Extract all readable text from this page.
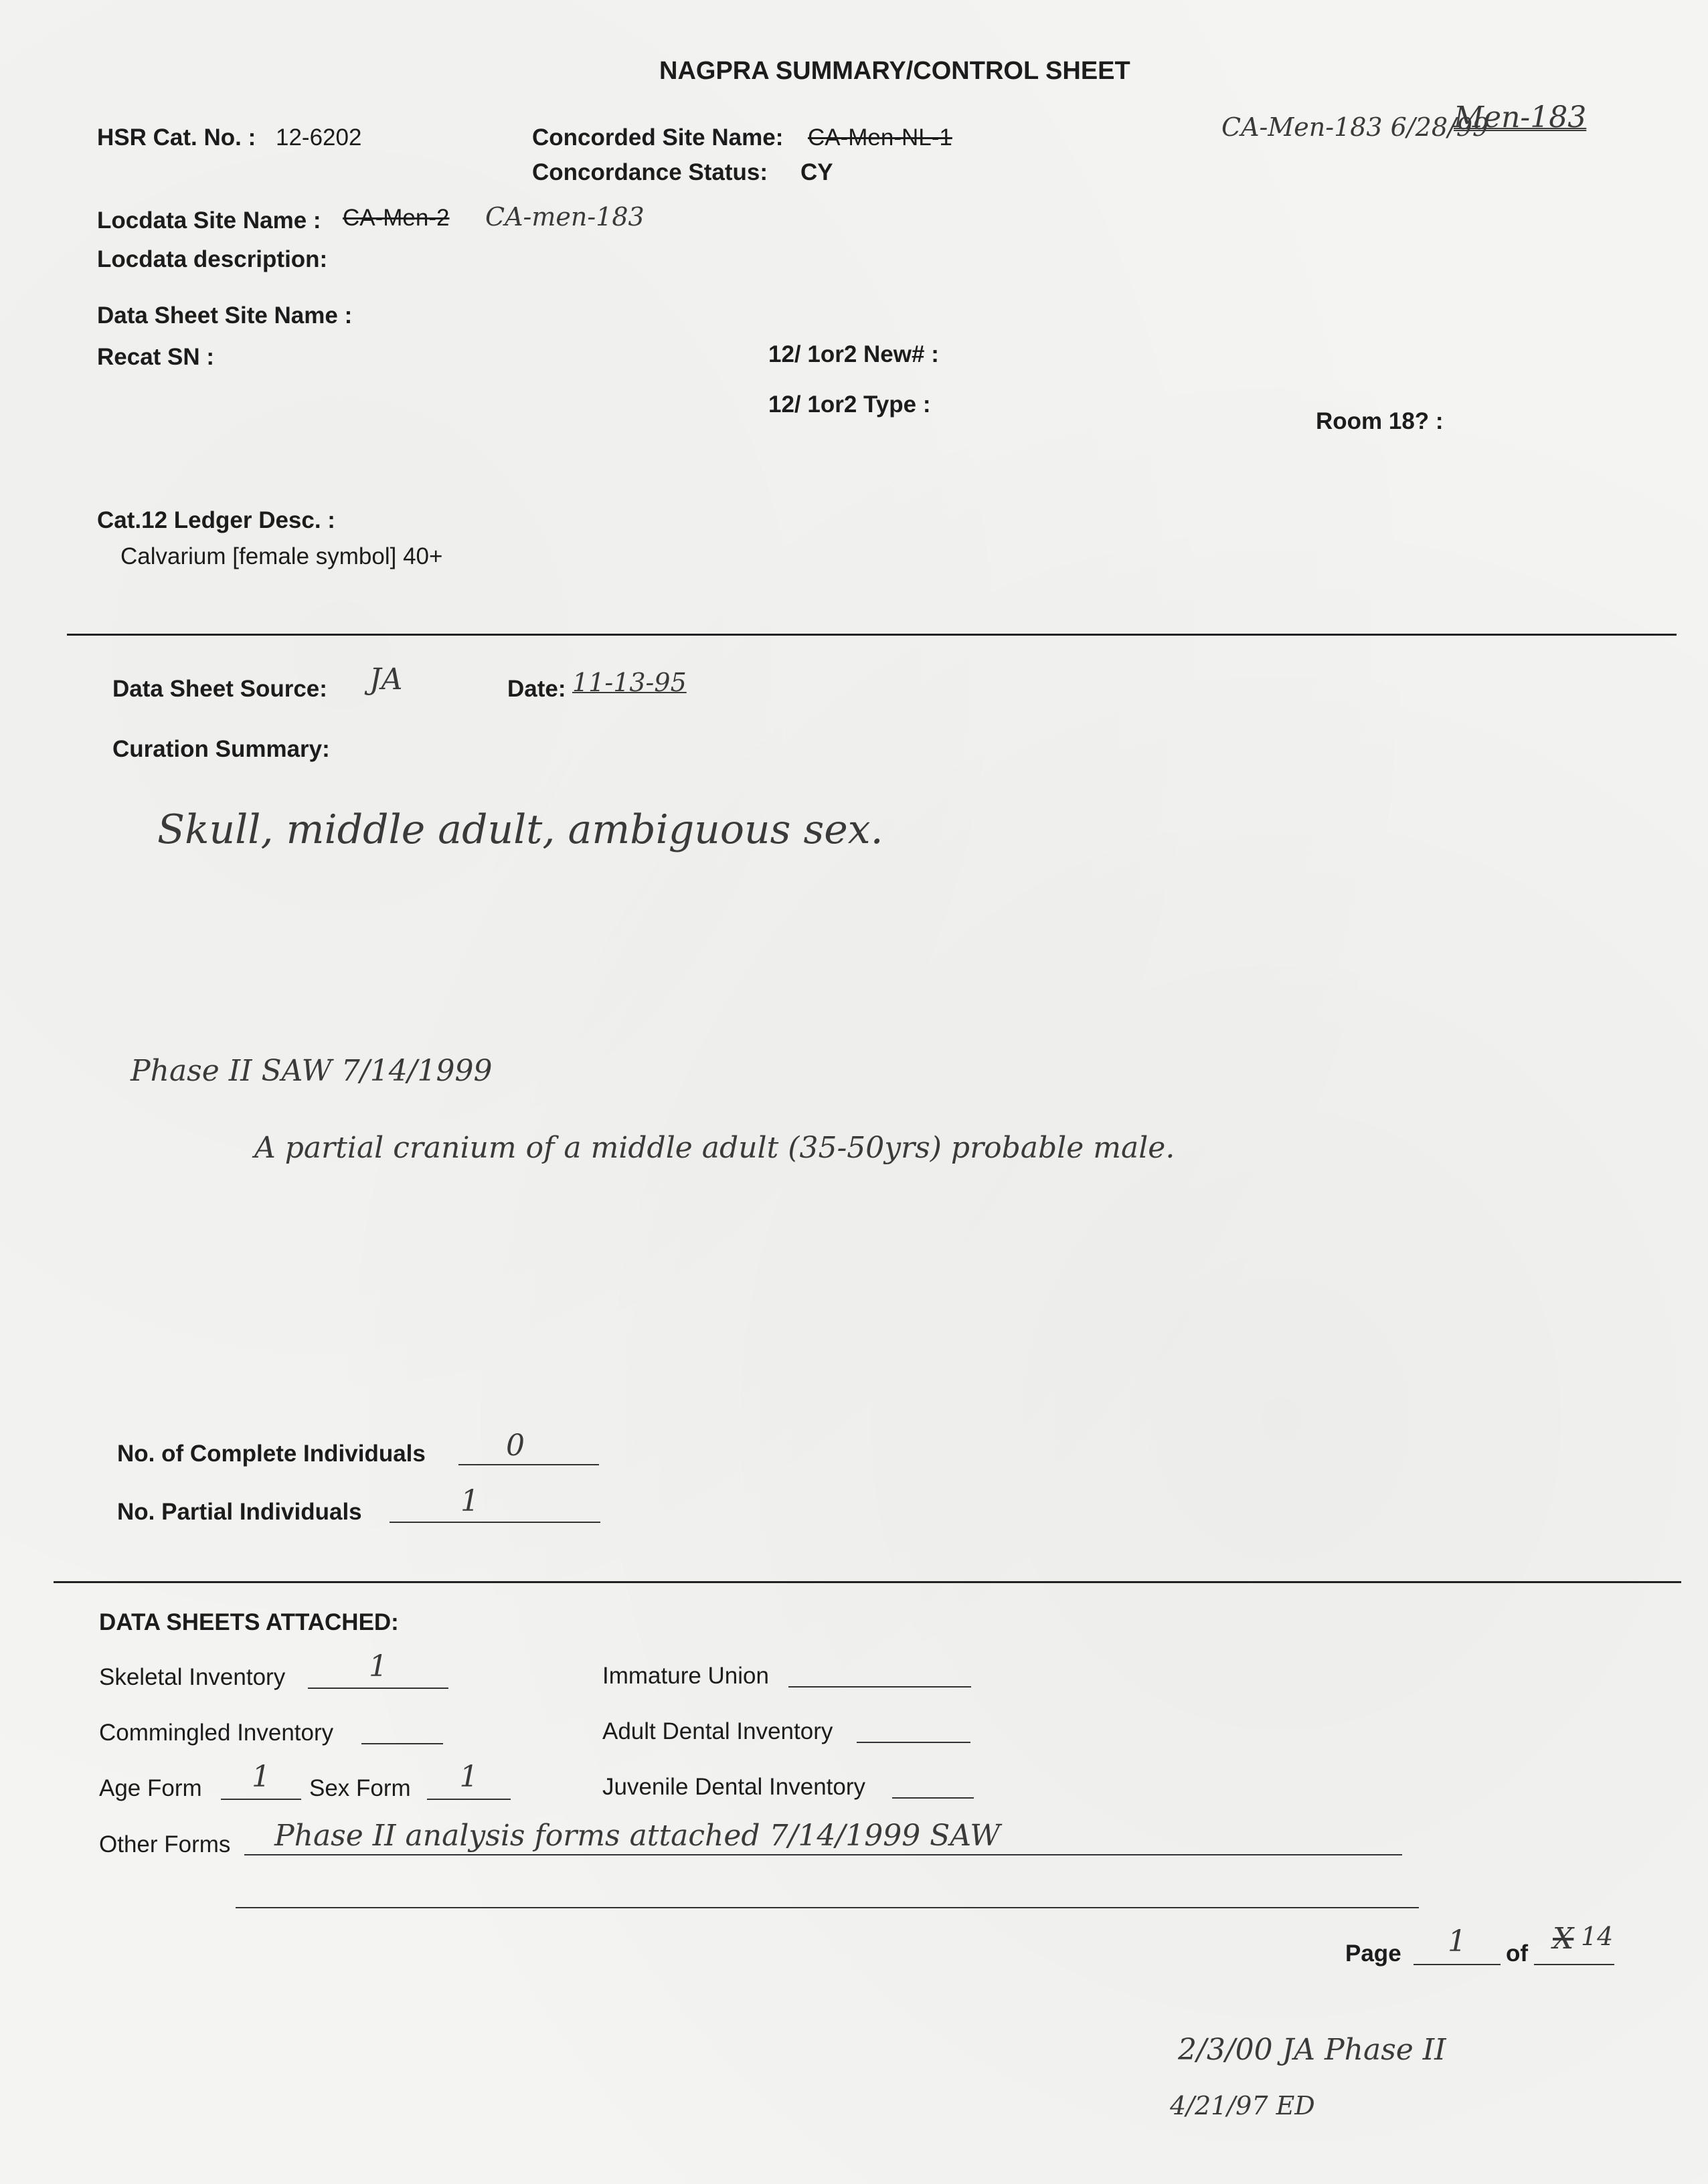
NAGPRA SUMMARY/CONTROL SHEET
HSR Cat. No. : 12-6202	Concorded Site Name: CA-Men-NL-1
Concordance Status: CY
CA-Men-183 6/28/99
Men-183
Locdata Site Name : CA-Men-2 CA-men-183
Locdata description:
Data Sheet Site Name :
Recat SN :	12/ 1or2 New# :
12/ 1or2 Type :
Room 18? :
Cat.12 Ledger Desc. :
Calvarium [female symbol] 40+
Data Sheet Source: JA	Date: 11-13-95
Curation Summary:
Skull, middle adult, ambiguous sex.
Phase II SAW 7/14/1999
A partial cranium of a middle adult (35-50yrs) probable male.
No. of Complete Individuals	0
No. Partial Individuals	1
DATA SHEETS ATTACHED:
Skeletal Inventory	1
Commingled Inventory
Age Form	1	Sex Form	1
Immature Union
Adult Dental Inventory
Juvenile Dental Inventory
Other Forms Phase II analysis forms attached 7/14/1999 SAW
Page	1	of X 14
2/3/00 JA Phase II
4/21/97 ED
